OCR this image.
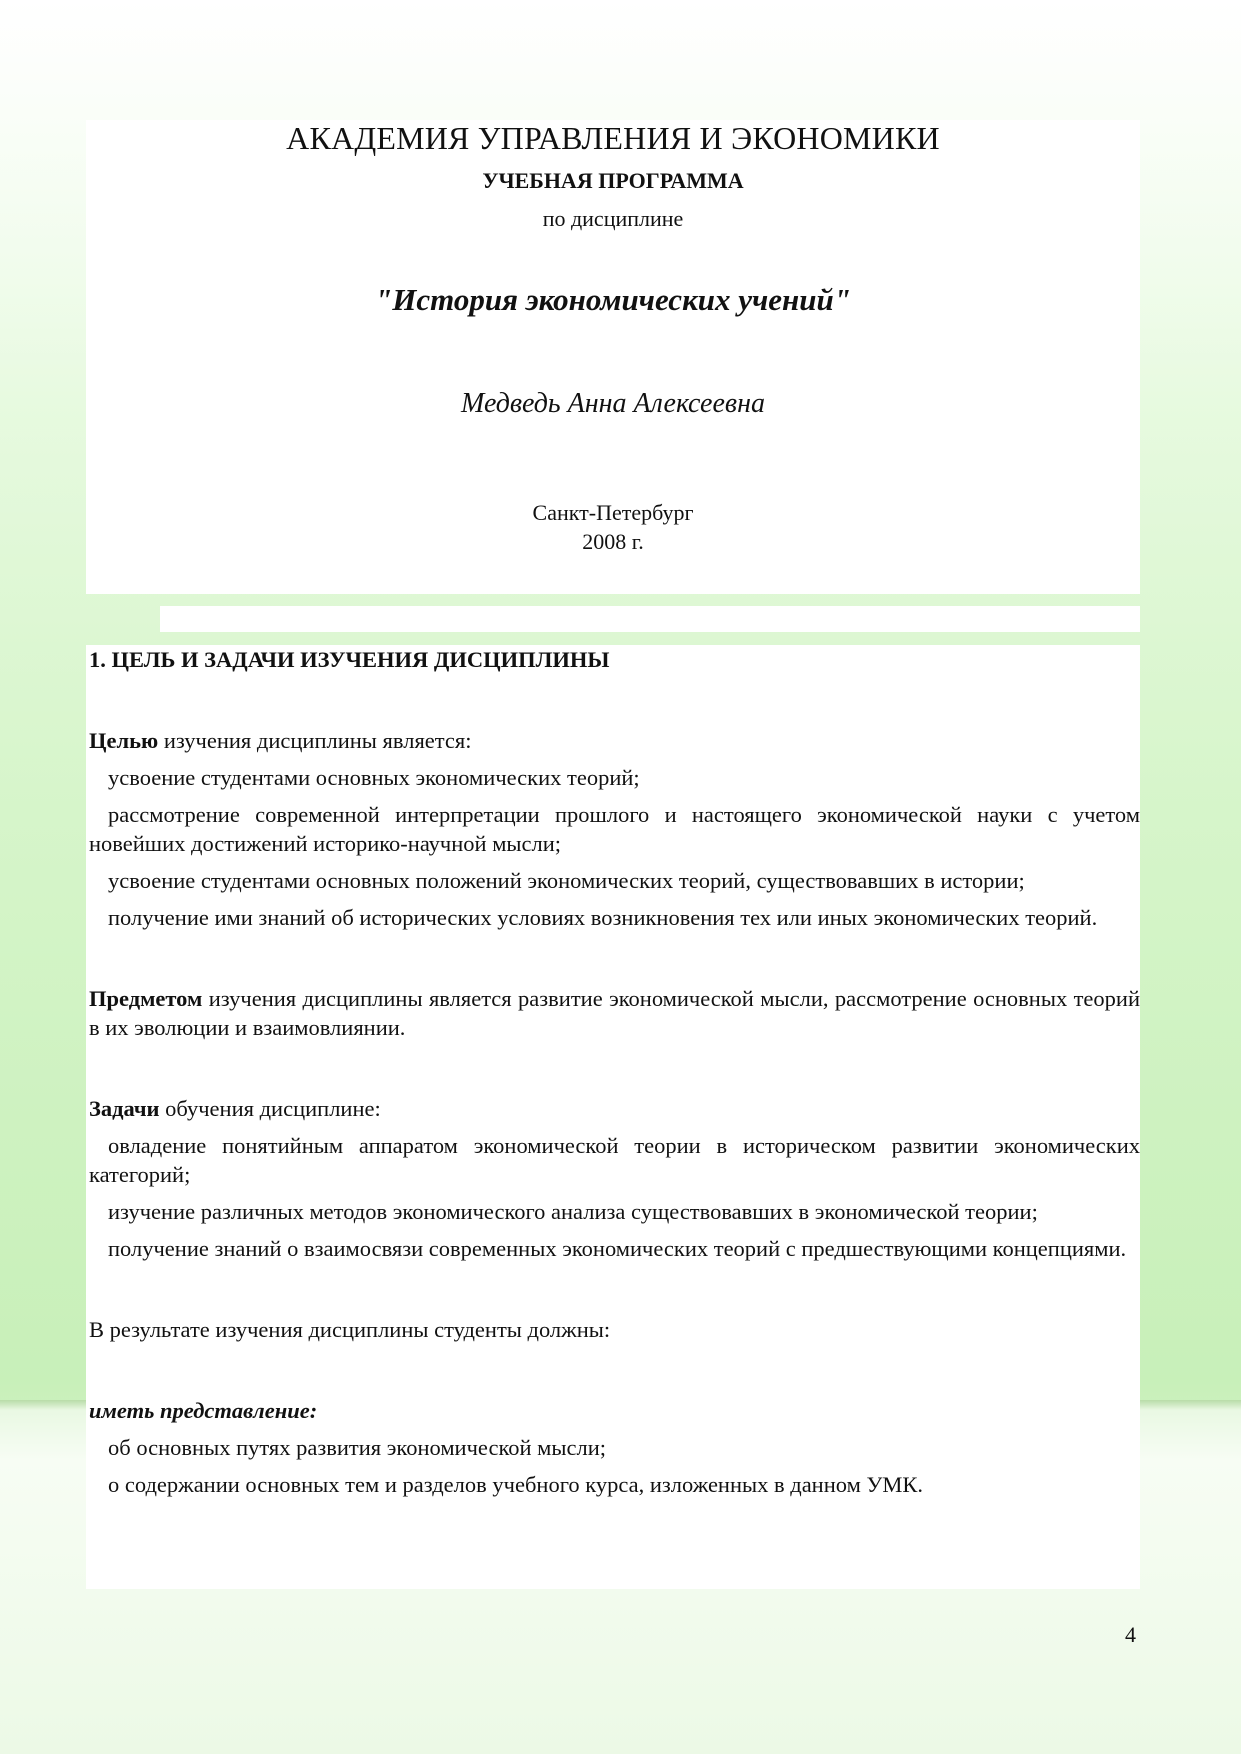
АКАДЕМИЯ УПРАВЛЕНИЯ И ЭКОНОМИКИ

УЧЕБНАЯ ПРОГРАММА

по дисциплине

"История экономических учений"

Медведь Анна Алексеевна

Санкт-Петербург
2008 г.

1. ЦЕЛЬ И ЗАДАЧИ ИЗУЧЕНИЯ ДИСЦИПЛИНЫ

Целью изучения дисциплины является:

усвоение студентами основных экономических теорий;

рассмотрение современной интерпретации прошлого и настоящего экономической науки с учетом новейших достижений историко-научной мысли;

усвоение студентами основных положений экономических теорий, существовавших в истории;

получение ими знаний об исторических условиях возникновения тех или иных экономических теорий.

Предметом изучения дисциплины является развитие экономической мысли, рассмотрение основных теорий в их эволюции и взаимовлиянии.

Задачи обучения дисциплине:

овладение понятийным аппаратом экономической теории в историческом развитии экономических категорий;

изучение различных методов экономического анализа существовавших в экономической теории;

получение знаний о взаимосвязи современных экономических теорий с предшествующими концепциями.

В результате изучения дисциплины студенты должны:

иметь представление:

об основных путях развития экономической мысли;

о содержании основных тем и разделов учебного курса, изложенных в данном УМК.

4
